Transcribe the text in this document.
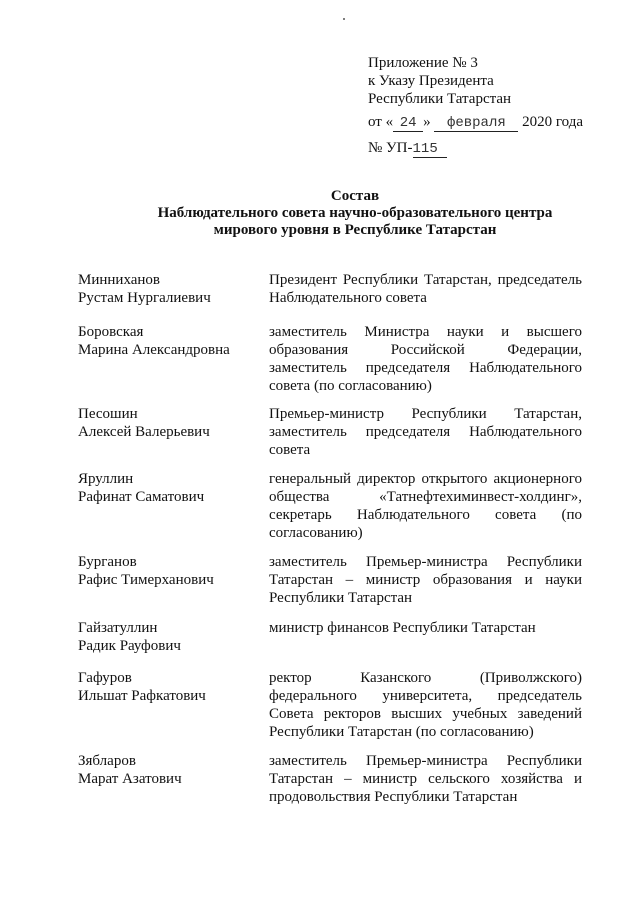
Приложение № 3
к Указу Президента
Республики Татарстан
от « 24 » февраля 2020 года
№ УП-115
Состав
Наблюдательного совета научно-образовательного центра
мирового уровня в Республике Татарстан
Минниханов
Рустам Нургалиевич
Президент Республики Татарстан, председатель Наблюдательного совета
Боровская
Марина Александровна
заместитель Министра науки и высшего образования Российской Федерации, заместитель председателя Наблюдательного совета (по согласованию)
Песошин
Алексей Валерьевич
Премьер-министр Республики Татарстан, заместитель председателя Наблюдательного совета
Яруллин
Рафинат Саматович
генеральный директор открытого акционерного общества «Татнефтехиминвест-холдинг», секретарь Наблюдательного совета (по согласованию)
Бурганов
Рафис Тимерханович
заместитель Премьер-министра Республики Татарстан – министр образования и науки Республики Татарстан
Гайзатуллин
Радик Рауфович
министр финансов Республики Татарстан
Гафуров
Ильшат Рафкатович
ректор Казанского (Приволжского) федерального университета, председатель Совета ректоров высших учебных заведений Республики Татарстан (по согласованию)
Зябларов
Марат Азатович
заместитель Премьер-министра Республики Татарстан – министр сельского хозяйства и продовольствия Республики Татарстан
